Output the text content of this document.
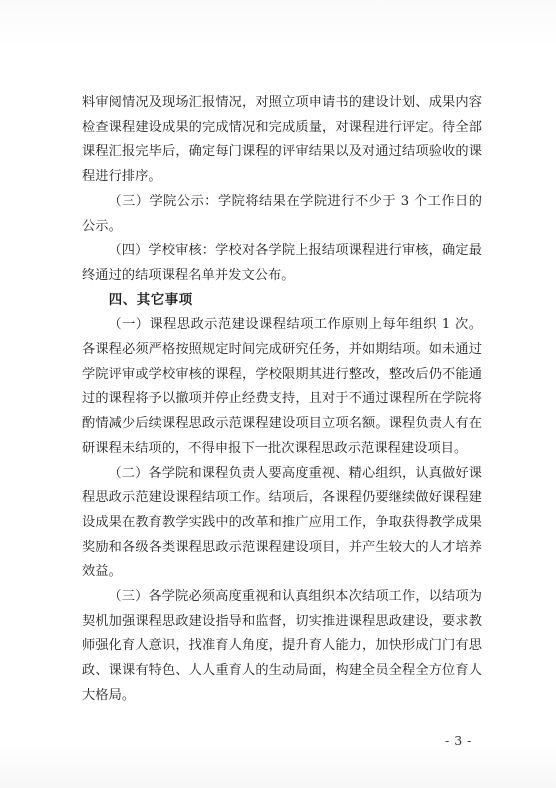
料审阅情况及现场汇报情况，对照立项申请书的建设计划、成果内容检查课程建设成果的完成情况和完成质量，对课程进行评定。待全部课程汇报完毕后，确定每门课程的评审结果以及对通过结项验收的课程进行排序。

（三）学院公示：学院将结果在学院进行不少于 3 个工作日的公示。

（四）学校审核：学校对各学院上报结项课程进行审核，确定最终通过的结项课程名单并发文公布。

四、其它事项

（一）课程思政示范建设课程结项工作原则上每年组织 1 次。各课程必须严格按照规定时间完成研究任务，并如期结项。如未通过学院评审或学校审核的课程，学校限期其进行整改，整改后仍不能通过的课程将予以撤项并停止经费支持，且对于不通过课程所在学院将酌情减少后续课程思政示范课程建设项目立项名额。课程负责人有在研课程未结项的，不得申报下一批次课程思政示范课程建设项目。

（二）各学院和课程负责人要高度重视、精心组织，认真做好课程思政示范建设课程结项工作。结项后，各课程仍要继续做好课程建设成果在教育教学实践中的改革和推广应用工作，争取获得教学成果奖励和各级各类课程思政示范课程建设项目，并产生较大的人才培养效益。

（三）各学院必须高度重视和认真组织本次结项工作，以结项为契机加强课程思政建设指导和监督，切实推进课程思政建设，要求教师强化育人意识，找准育人角度，提升育人能力，加快形成门门有思政、课课有特色、人人重育人的生动局面，构建全员全程全方位育人大格局。

- 3 -
